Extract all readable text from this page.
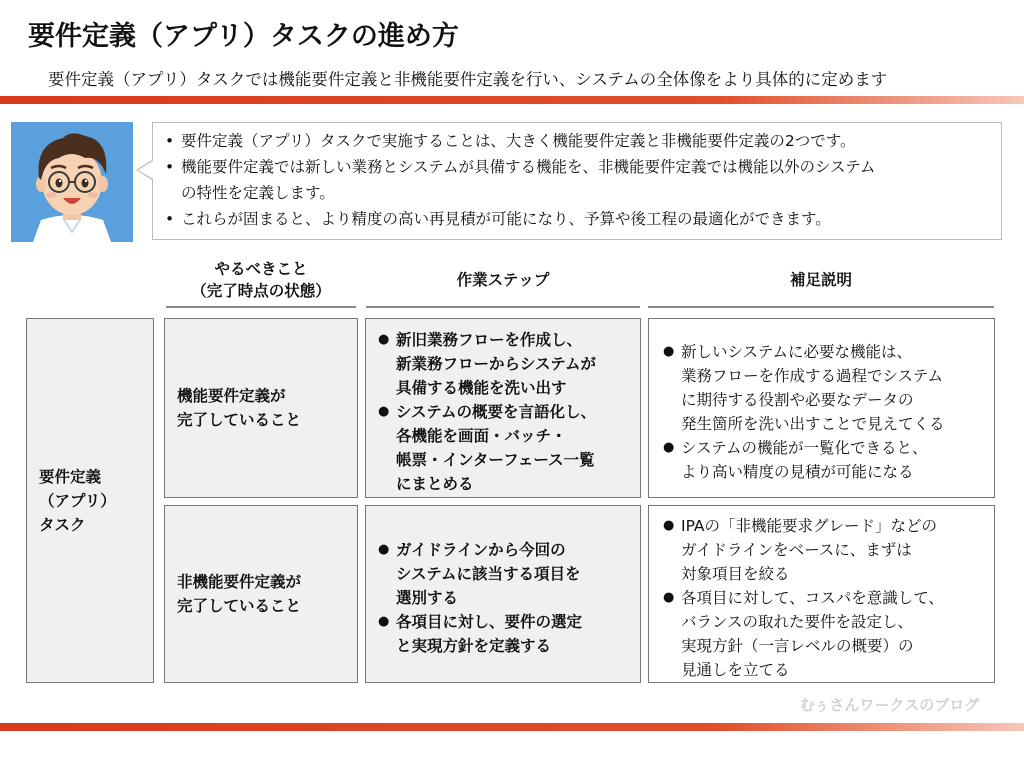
要件定義（アプリ）タスクの進め方
要件定義（アプリ）タスクでは機能要件定義と非機能要件定義を行い、システムの全体像をより具体的に定めます
• 要件定義（アプリ）タスクで実施することは、大きく機能要件定義と非機能要件定義の2つです。
• 機能要件定義では新しい業務とシステムが具備する機能を、非機能要件定義では機能以外のシステム
の特性を定義します。
• これらが固まると、より精度の高い再見積が可能になり、予算や後工程の最適化ができます。
やるべきこと
（完了時点の状態）
作業ステップ	補足説明
要件定義
（アプリ）
タスク
機能要件定義が
完了していること
● 新旧業務フローを作成し、
新業務フローからシステムが
具備する機能を洗い出す
● システムの概要を言語化し、
各機能を画面・バッチ・
帳票・インターフェース一覧
にまとめる
● 新しいシステムに必要な機能は、
業務フローを作成する過程でシステム
に期待する役割や必要なデータの
発生箇所を洗い出すことで見えてくる
● システムの機能が一覧化できると、
より高い精度の見積が可能になる
非機能要件定義が
完了していること
● ガイドラインから今回の
システムに該当する項目を
選別する
● 各項目に対し、要件の選定
と実現方針を定義する
● IPAの「非機能要求グレード」などの
ガイドラインをベースに、まずは
対象項目を絞る
● 各項目に対して、コスパを意識して、
バランスの取れた要件を設定し、
実現方針（一言レベルの概要）の
見通しを立てる
むぅさんワークスのブログ
